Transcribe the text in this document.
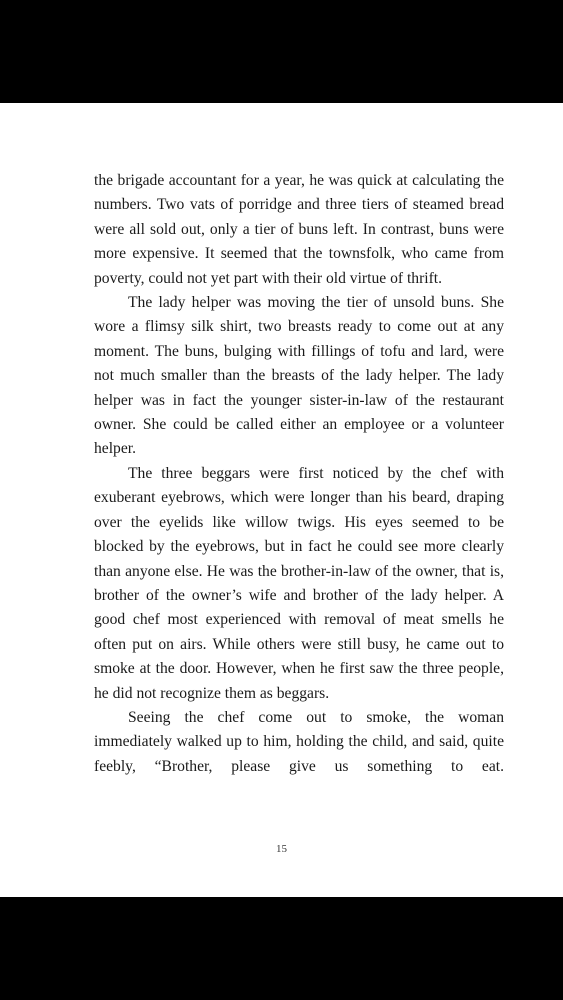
the brigade accountant for a year, he was quick at calculating the numbers. Two vats of porridge and three tiers of steamed bread were all sold out, only a tier of buns left. In contrast, buns were more expensive. It seemed that the townsfolk, who came from poverty, could not yet part with their old virtue of thrift.

The lady helper was moving the tier of unsold buns. She wore a flimsy silk shirt, two breasts ready to come out at any moment. The buns, bulging with fillings of tofu and lard, were not much smaller than the breasts of the lady helper. The lady helper was in fact the younger sister-in-law of the restaurant owner. She could be called either an employee or a volunteer helper.

The three beggars were first noticed by the chef with exuberant eyebrows, which were longer than his beard, draping over the eyelids like willow twigs. His eyes seemed to be blocked by the eyebrows, but in fact he could see more clearly than anyone else. He was the brother-in-law of the owner, that is, brother of the owner’s wife and brother of the lady helper. A good chef most experienced with removal of meat smells he often put on airs. While others were still busy, he came out to smoke at the door. However, when he first saw the three people, he did not recognize them as beggars.

Seeing the chef come out to smoke, the woman immediately walked up to him, holding the child, and said, quite feebly, “Brother, please give us something to eat.

15
